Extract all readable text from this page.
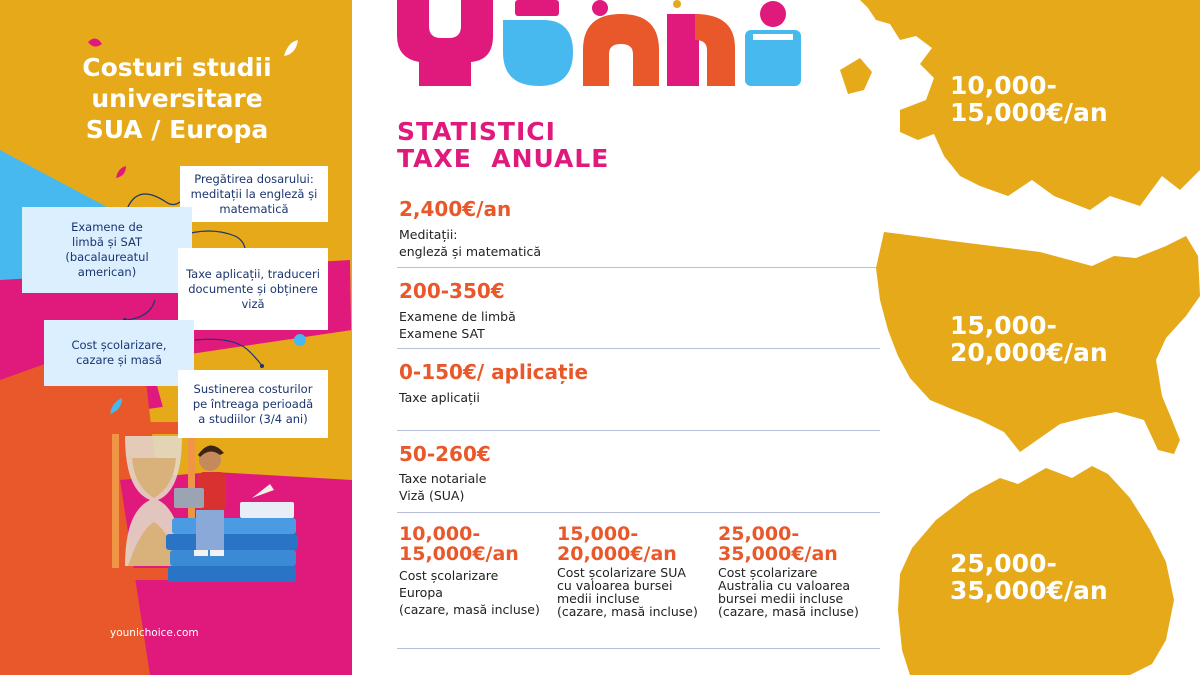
Costuri studii
universitare
SUA / Europa
Pregătirea dosarului:
meditații la engleză și
matematică
Examene de
limbă și SAT
(bacalaureatul
american)	Taxe aplicații, traduceri
documente și obținere
viză
Cost școlarizare,
cazare și masă
Sustinerea costurilor
pe întreaga perioadă
a studiilor (3/4 ani)
younichoice.com
STATISTICI
TAXE  ANUALE
2,400€/an
Meditații:
engleză și matematică
200-350€
Examene de limbă
Examene SAT
0-150€/ aplicație
Taxe aplicații
50-260€
Taxe notariale
Viză (SUA)
10,000-
15,000€/an
Cost școlarizare
Europa
(cazare, masă incluse)
15,000-
20,000€/an
Cost școlarizare SUA
cu valoarea bursei
medii incluse
(cazare, masă incluse)
25,000-
35,000€/an
Cost școlarizare
Australia cu valoarea
bursei medii incluse
(cazare, masă incluse)
10,000-
15,000€/an
15,000-
20,000€/an
25,000-
35,000€/an
